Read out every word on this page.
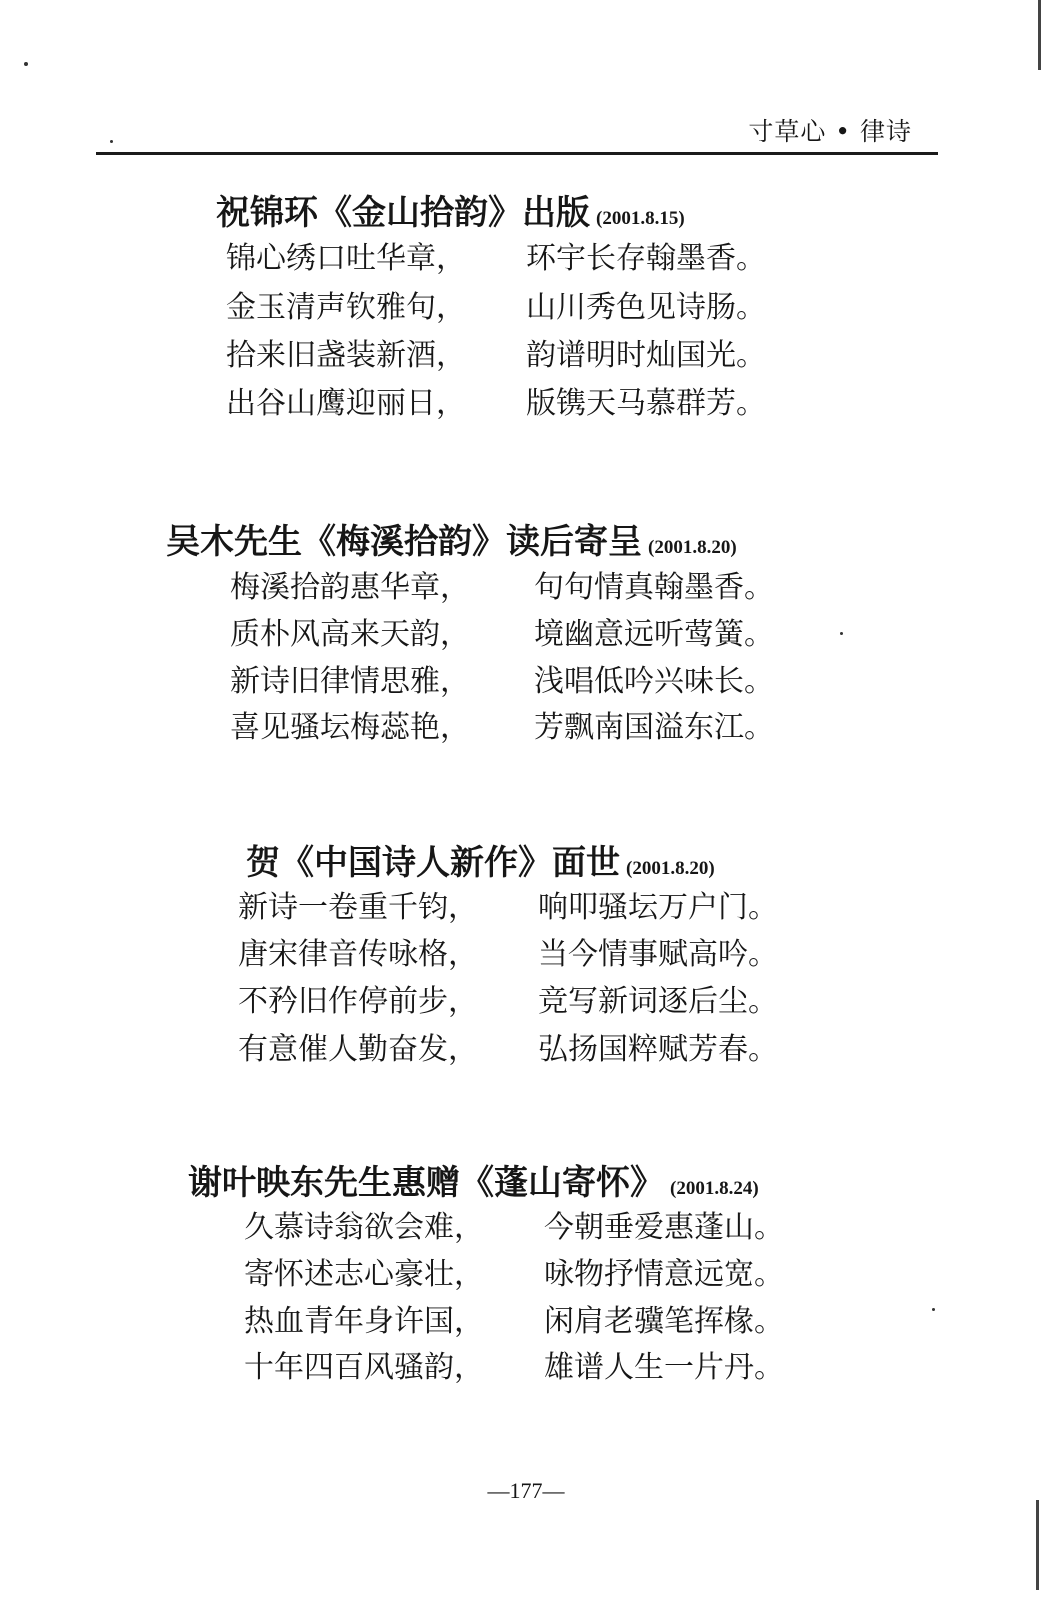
寸草心 • 律诗
祝锦环《金山拾韵》出版 (2001.8.15)
锦心绣口吐华章， 环宇长存翰墨香。
金玉清声钦雅句， 山川秀色见诗肠。
拾来旧盏装新酒， 韵谱明时灿国光。
出谷山鹰迎丽日， 版镌天马慕群芳。
吴木先生《梅溪拾韵》读后寄呈 (2001.8.20)
梅溪拾韵惠华章， 句句情真翰墨香。
质朴风高来天韵， 境幽意远听莺簧。
新诗旧律情思雅， 浅唱低吟兴味长。
喜见骚坛梅蕊艳， 芳飘南国溢东江。
贺《中国诗人新作》面世 (2001.8.20)
新诗一卷重千钧， 响叩骚坛万户门。
唐宋律音传咏格， 当今情事赋高吟。
不矜旧作停前步， 竞写新词逐后尘。
有意催人勤奋发， 弘扬国粹赋芳春。
谢叶映东先生惠赠《蓬山寄怀》 (2001.8.24)
久慕诗翁欲会难， 今朝垂爱惠蓬山。
寄怀述志心豪壮， 咏物抒情意远宽。
热血青年身许国， 闲肩老骥笔挥椽。
十年四百风骚韵， 雄谱人生一片丹。
—177—
